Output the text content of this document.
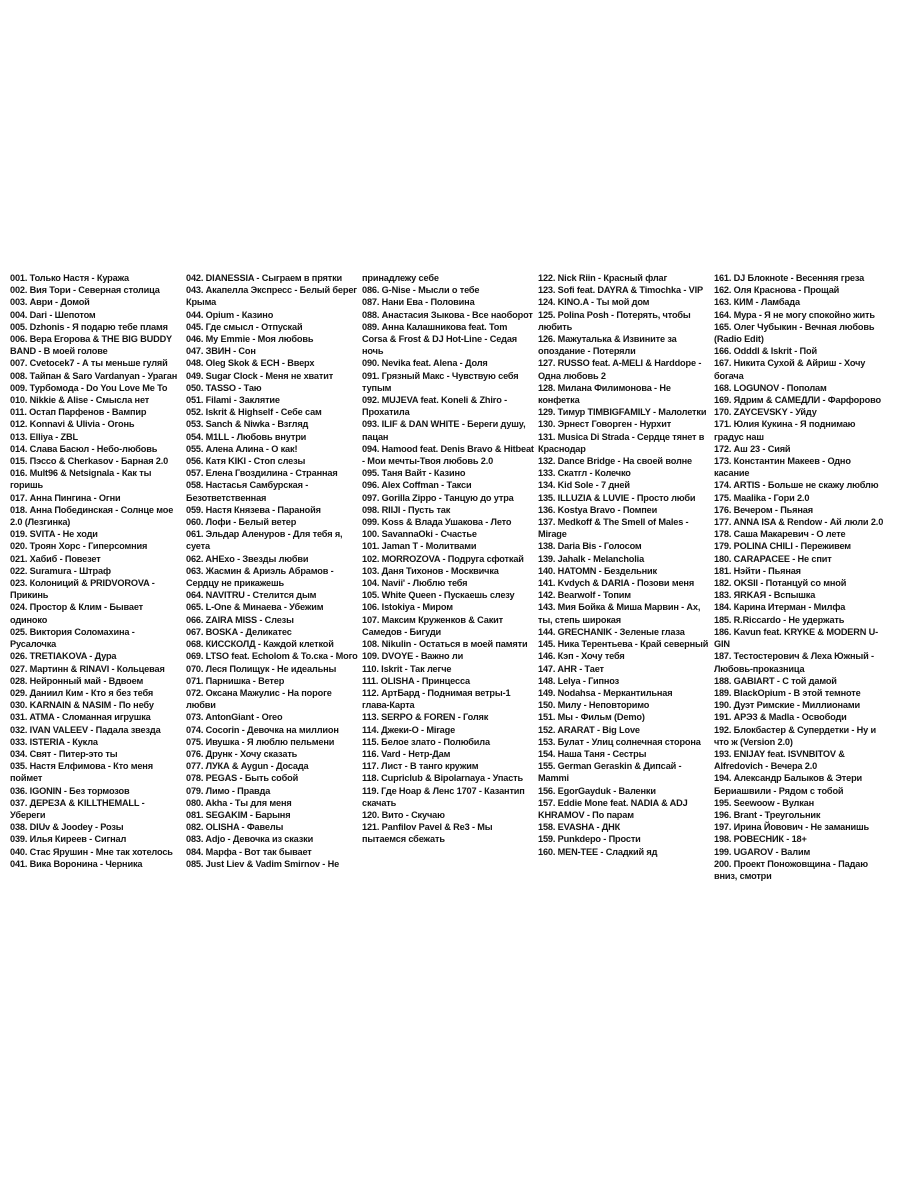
001. Только Настя - Куража
002. Вия Тори - Северная столица
003. Аври - Домой
004. Dari - Шепотом
005. Dzhonis - Я подарю тебе пламя
006. Вера Егорова & THE BIG BUDDY BAND - В моей голове
007. Cvetocek7 - А ты меньше гуляй
008. Тайпан & Saro Vardanyan - Ураган
009. Турбомода - Do You Love Me To
010. Nikkie & Alise - Смысла нет
011. Остап Парфенов - Вампир
012. Konnavi & Ulivia - Огонь
013. Elliya - ZBL
014. Слава Басюл - Небо-любовь
015. Пэссо & Cherkasov - Барная 2.0
016. Mult96 & Netsignala - Как ты горишь
017. Анна Пингина - Огни
018. Анна Побединская - Солнце мое 2.0 (Лезгинка)
019. SVITA - Не ходи
020. Троян Хорс - Гиперсомния
021. Хабиб - Повезет
022. Suramura - Штраф
023. Колониций & PRIDVOROVA - Прикинь
024. Простор & Клим - Бывает одиноко
025. Виктория Соломахина - Русалочка
026. TRETIAKOVA - Дура
027. Мартинн & RINAVI - Кольцевая
028. Нейронный май - Вдвоем
029. Даниил Ким - Кто я без тебя
030. KARNAIN & NASIM - По небу
031. ATMA - Сломанная игрушка
032. IVAN VALEEV - Падала звезда
033. ISTERIA - Кукла
034. Свят - Питер-это ты
035. Настя Елфимова - Кто меня поймет
036. IGONIN - Без тормозов
037. ДЕРЕЗА & KILLTHEMALL - Убереги
038. DIUv & Joodey - Розы
039. Илья Киреев - Сигнал
040. Стас Ярушин - Мне так хотелось
041. Вика Воронина - Черника
042. DIANESSIA - Сыграем в прятки
043. Акапелла Экспресс - Белый берег Крыма
044. Opium - Казино
045. Где смысл - Отпускай
046. My Emmie - Моя любовь
047. ЗВИН - Сон
048. Oleg Skok & ECH - Вверх
049. Sugar Clock - Меня не хватит
050. TASSO - Таю
051. Filami - Заклятие
052. Iskrit & Highself - Себе сам
053. Sanch & Niwka - Взгляд
054. M1LL - Любовь внутри
055. Алена Алина - О как!
056. Катя KIKI - Стоп слезы
057. Елена Гвоздилина - Странная
058. Настасья Самбурская - Безответственная
059. Настя Князева - Паранойя
060. Лофи - Белый ветер
061. Эльдар Аленуров - Для тебя я, суета
062. AHExo - Звезды любви
063. Жасмин & Ариэль Абрамов - Сердцу не прикажешь
064. NAVITRU - Стелится дым
065. L-One & Минаева - Убежим
066. ZAIRA MISS - Слезы
067. BOSKA - Деликатес
068. КИССКОЛД - Каждой клеткой
069. LTSO feat. Echolom & To.ска - Мого
070. Леся Полищук - Не идеальны
071. Парнишка - Ветер
072. Оксана Мажулис - На пороге любви
073. AntonGiant - Oreo
074. Cocorin - Девочка на миллион
075. Ивушка - Я люблю пельмени
076. Друнк - Хочу сказать
077. ЛУКА & Aygun - Досада
078. PEGAS - Быть собой
079. Лимо - Правда
080. Akha - Ты для меня
081. SEGAKIM - Барыня
082. OLISHA - Фавелы
083. Adjo - Девочка из сказки
084. Марфа - Вот так бывает
085. Just Liev & Vadim Smirnov - Не
принадлежу себе
086. G-Nise - Мысли о тебе
087. Нани Ева - Половина
088. Анастасия Зыкова - Все наоборот
089. Анна Калашникова feat. Tom Corsa & Frost & DJ Hot-Line - Седая ночь
090. Nevika feat. Alena - Доля
091. Грязный Макс - Чувствую себя тупым
092. MUJEVA feat. Koneli & Zhiro - Прохатила
093. ILIF & DAN WHITE - Береги душу, пацан
094. Hamood feat. Denis Bravo & Hitbeat - Мои мечты-Твоя любовь 2.0
095. Таня Вайт - Казино
096. Alex Coffman - Такси
097. Gorilla Zippo - Танцую до утра
098. RIIJI - Пусть так
099. Koss & Влада Ушакова - Лето
100. SavannaOki - Счастье
101. Jaman T - Молитвами
102. MORROZOVA - Подруга сфоткай
103. Даня Тихонов - Москвичка
104. Navii' - Люблю тебя
105. White Queen - Пускаешь слезу
106. Istokiya - Миром
107. Максим Круженков & Сакит Самедов - Бигуди
108. Nikulin - Остаться в моей памяти
109. DVOYE - Важно ли
110. Iskrit - Так легче
111. OLISHA - Принцесса
112. АртБард - Поднимая ветры-1 глава-Карта
113. SERPO & FOREN - Голяк
114. Джеки-О - Mirage
115. Белое злато - Полюбила
116. Vard - Нетр-Дам
117. Лист - В танго кружим
118. Cupriclub & Bipolarnaya - Упасть
119. Где Ноар & Ленс 1707 - Казантип скачать
120. Вито - Скучаю
121. Panfilov Pavel & Re3 - Мы пытаемся сбежать
122. Nick Riin - Красный флаг
123. Sofi feat. DAYRA & Timochka - VIP
124. KINO.A - Ты мой дом
125. Polina Posh - Потерять, чтобы любить
126. Мажуталька & Извините за опоздание - Потеряли
127. RUSSO feat. A-MELI & Harddope - Одна любовь 2
128. Милана Филимонова - Не конфетка
129. Тимур TIMBIGFAMILY - Малолетки
130. Эрнест Говорген - Нурхит
131. Musica Di Strada - Сердце тянет в Краснодар
132. Dance Bridge - На своей волне
133. Скатгл - Колечко
134. Kid Sole - 7 дней
135. ILLUZIA & LUVIE - Просто люби
136. Kostya Bravo - Помпеи
137. Medkoff & The Smell of Males - Mirage
138. Daria Bis - Голосом
139. Jahalk - Melancholia
140. HATOMN - Бездельник
141. Kvdych & DARIA - Позови меня
142. Bearwolf - Топим
143. Мия Бойка & Миша Марвин - Ах, ты, степь широкая
144. GRECHANIK - Зеленые глаза
145. Ника Терентьева - Край северный
146. Кэп - Хочу тебя
147. AHR - Тает
148. Lelya - Гипноз
149. Nodahsa - Меркантильная
150. Милу - Неповторимо
151. Мы - Фильм (Demo)
152. ARARAT - Big Love
153. Булат - Улиц солнечная сторона
154. Наша Таня - Сестры
155. German Geraskin & Дипсай - Mammi
156. EgorGayduk - Валенки
157. Eddie Mone feat. NADIA & ADJ KHRAMOV - По парам
158. EVASHA - ДНК
159. Punkdepo - Прости
160. MEN-TEE - Сладкий яд
161. DJ Блокнote - Весенняя греза
162. Оля Краснова - Прощай
163. КИМ - Ламбада
164. Мура - Я не могу спокойно жить
165. Олег Чубыкин - Вечная любовь (Radio Edit)
166. Odddl & Iskrit - Пой
167. Никита Сухой & Айриш - Хочу богача
168. LOGUNOV - Пополам
169. Ядрим & САМЕДЛИ - Фарфорово
170. ZAYCEVSKY - Уйду
171. Юлия Кукина - Я поднимаю градус наш
172. Аш 23 - Сияй
173. Константин Макеев - Одно касание
174. ARTIS - Больше не скажу люблю
175. Maalika - Гори 2.0
176. Вечером - Пьяная
177. ANNA ISA & Rendow - Ай люли 2.0
178. Саша Макаревич - О лете
179. POLINA CHILI - Переживем
180. CARAPACEE - Не спит
181. Нэйти - Пьяная
182. OKSII - Потанцуй со мной
183. ЯRKAЯ - Вспышка
184. Карина Итерман - Милфа
185. R.Riccardo - Не удержать
186. Kavun feat. KRYKE & MODERN U-GIN
187. Тестостерович & Леха Южный - Любовь-проказница
188. GABIART - С той дамой
189. BlackOpium - В этой темноте
190. Дуэт Римские - Миллионами
191. АРЭ3 & Madla - Освободи
192. Блокбастер & Супердетки - Ну и что ж (Version 2.0)
193. ENIJAY feat. ISVNBITOV & Alfredovich - Вечера 2.0
194. Александр Балыков & Этери Бериашвили - Рядом с тобой
195. Seewoow - Вулкан
196. Brant - Треугольник
197. Ирина Йовович - Не заманишь
198. РОВЕСНИК - 18+
199. UGAROV - Валим
200. Проект Поножовщина - Падаю вниз, смотри
